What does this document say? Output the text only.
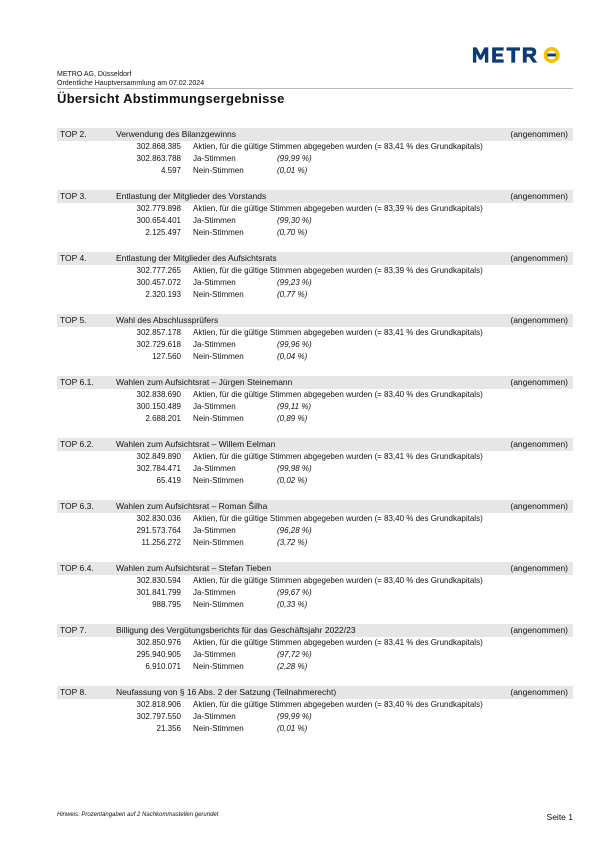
METRO AG, Düsseldorf
Ordentliche Hauptversammlung am 07.02.2024
Übersicht Abstimmungsergebnisse
TOP 2.	Verwendung des Bilanzgewinns	(angenommen)
302.868.385 Aktien, für die gültige Stimmen abgegeben wurden (= 83,41 % des Grundkapitals)
302.863.788 Ja-Stimmen	(99,99 %)
4.597 Nein-Stimmen	(0,01 %)
TOP 3.	Entlastung der Mitglieder des Vorstands	(angenommen)
302.779.898 Aktien, für die gültige Stimmen abgegeben wurden (= 83,39 % des Grundkapitals)
300.654.401 Ja-Stimmen	(99,30 %)
2.125.497 Nein-Stimmen	(0,70 %)
TOP 4.	Entlastung der Mitglieder des Aufsichtsrats	(angenommen)
302.777.265 Aktien, für die gültige Stimmen abgegeben wurden (= 83,39 % des Grundkapitals)
300.457.072 Ja-Stimmen	(99,23 %)
2.320.193 Nein-Stimmen	(0,77 %)
TOP 5.	Wahl des Abschlussprüfers	(angenommen)
302.857.178 Aktien, für die gültige Stimmen abgegeben wurden (= 83,41 % des Grundkapitals)
302.729.618 Ja-Stimmen	(99,96 %)
127.560 Nein-Stimmen	(0,04 %)
TOP 6.1.	Wahlen zum Aufsichtsrat – Jürgen Steinemann	(angenommen)
302.838.690 Aktien, für die gültige Stimmen abgegeben wurden (= 83,40 % des Grundkapitals)
300.150.489 Ja-Stimmen	(99,11 %)
2.688.201 Nein-Stimmen	(0,89 %)
TOP 6.2.	Wahlen zum Aufsichtsrat – Willem Eelman	(angenommen)
302.849.890 Aktien, für die gültige Stimmen abgegeben wurden (= 83,41 % des Grundkapitals)
302.784.471 Ja-Stimmen	(99,98 %)
65.419 Nein-Stimmen	(0,02 %)
TOP 6.3.	Wahlen zum Aufsichtsrat – Roman Šilha	(angenommen)
302.830.036 Aktien, für die gültige Stimmen abgegeben wurden (= 83,40 % des Grundkapitals)
291.573.764 Ja-Stimmen	(96,28 %)
11.256.272 Nein-Stimmen	(3,72 %)
TOP 6.4.	Wahlen zum Aufsichtsrat – Stefan Tieben	(angenommen)
302.830.594 Aktien, für die gültige Stimmen abgegeben wurden (= 83,40 % des Grundkapitals)
301.841.799 Ja-Stimmen	(99,67 %)
988.795 Nein-Stimmen	(0,33 %)
TOP 7.	Billigung des Vergütungsberichts für das Geschäftsjahr 2022/23	(angenommen)
302.850.976 Aktien, für die gültige Stimmen abgegeben wurden (= 83,41 % des Grundkapitals)
295.940.905 Ja-Stimmen	(97,72 %)
6.910.071 Nein-Stimmen	(2,28 %)
TOP 8.	Neufassung von § 16 Abs. 2 der Satzung (Teilnahmerecht)	(angenommen)
302.818.906 Aktien, für die gültige Stimmen abgegeben wurden (= 83,40 % des Grundkapitals)
302.797.550 Ja-Stimmen	(99,99 %)
21.356 Nein-Stimmen	(0,01 %)
Hinweis: Prozentangaben auf 2 Nachkommastellen gerundet	Seite 1
